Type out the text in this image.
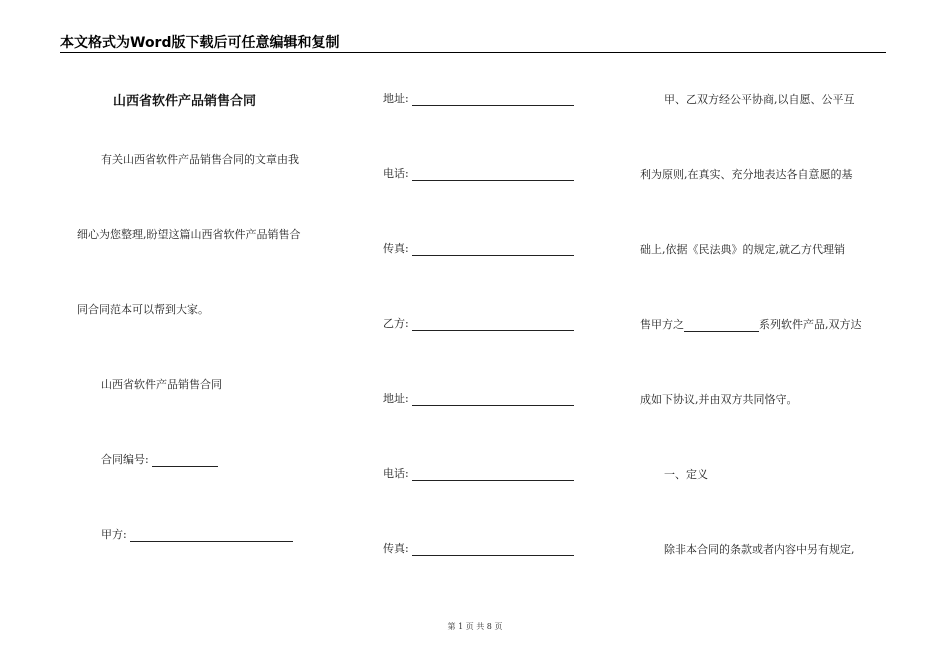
本文格式为Word版下载后可任意编辑和复制
山西省软件产品销售合同
有关山西省软件产品销售合同的文章由我
细心为您整理,盼望这篇山西省软件产品销售合
同合同范本可以帮到大家。
山西省软件产品销售合同
合同编号:
甲方:
地址:
电话:
传真:
乙方:
地址:
电话:
传真:
甲、乙双方经公平协商,以自愿、公平互
利为原则,在真实、充分地表达各自意愿的基
础上,依据《民法典》的规定,就乙方代理销
售甲方之	系列软件产品,双方达
成如下协议,并由双方共同恪守。
一、定义
除非本合同的条款或者内容中另有规定,
第 1 页 共 8 页
